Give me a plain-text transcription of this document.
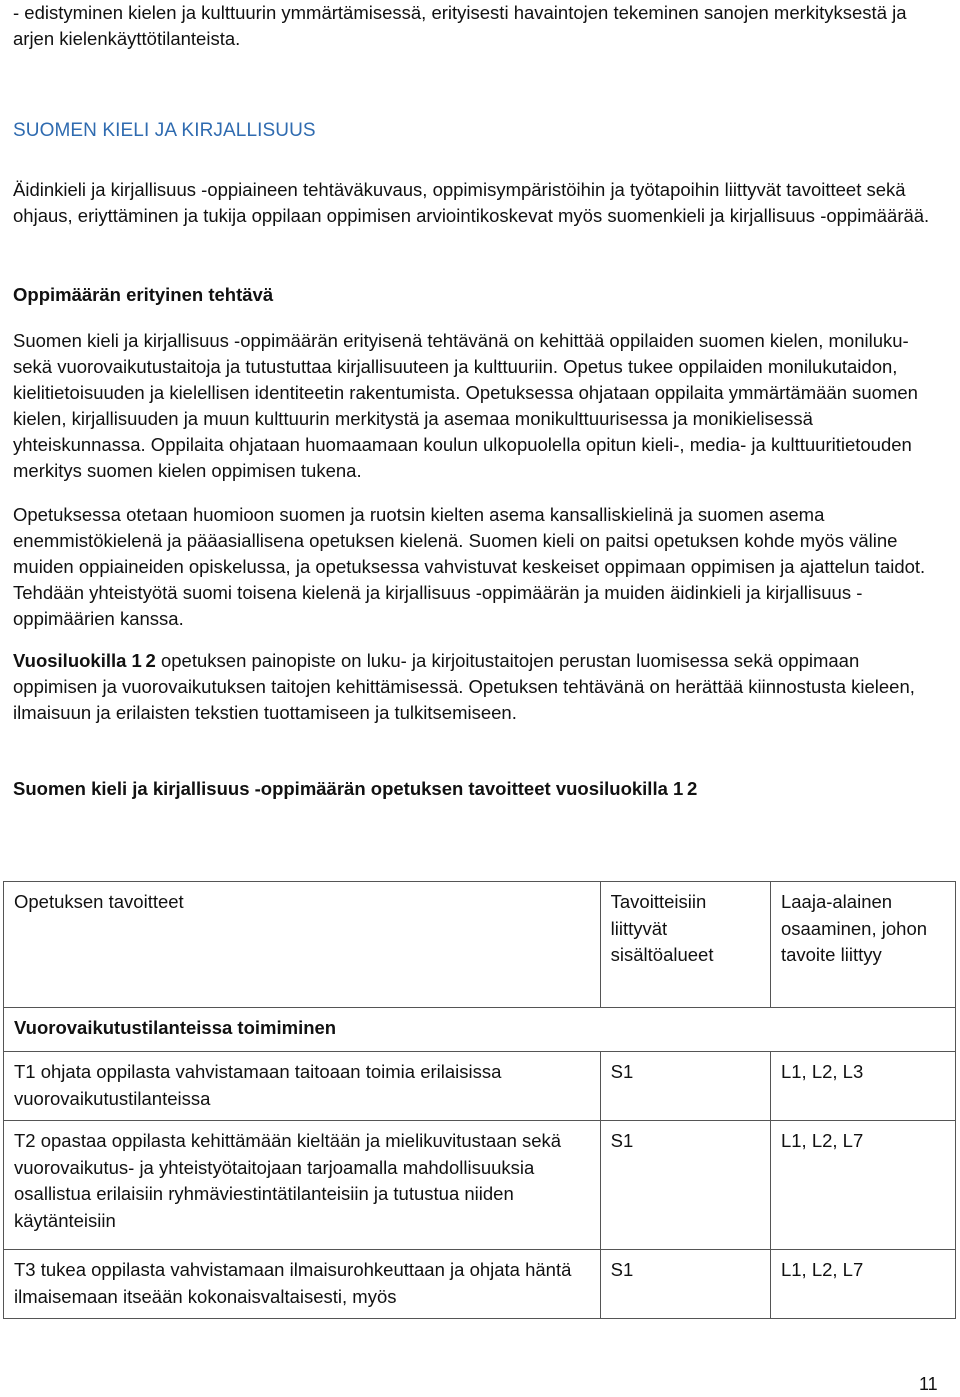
- edistyminen kielen ja kulttuurin ymmärtämisessä, erityisesti havaintojen tekeminen sanojen merkityksestä ja arjen kielenkäyttötilanteista.

SUOMEN KIELI JA KIRJALLISUUS

Äidinkieli ja kirjallisuus -oppiaineen tehtäväkuvaus, oppimisympäristöihin ja työtapoihin liittyvät tavoitteet sekä ohjaus, eriyttäminen ja tukija oppilaan oppimisen arviointikoskevat myös suomenkieli ja kirjallisuus -oppimäärää.

Oppimäärän erityinen tehtävä

Suomen kieli ja kirjallisuus -oppimäärän erityisenä tehtävänä on kehittää oppilaiden suomen kielen, moniluku- sekä vuorovaikutustaitoja ja tutustuttaa kirjallisuuteen ja kulttuuriin. Opetus tukee oppilaiden monilukutaidon, kielitietoisuuden ja kielellisen identiteetin rakentumista. Opetuksessa ohjataan oppilaita ymmärtämään suomen kielen, kirjallisuuden ja muun kulttuurin merkitystä ja asemaa monikulttuurisessa ja monikielisessä yhteiskunnassa. Oppilaita ohjataan huomaamaan koulun ulkopuolella opitun kieli-, media- ja kulttuuritietouden merkitys suomen kielen oppimisen tukena.

Opetuksessa otetaan huomioon suomen ja ruotsin kielten asema kansalliskielinä ja suomen asema enemmistökielenä ja pääasiallisena opetuksen kielenä. Suomen kieli on paitsi opetuksen kohde myös väline muiden oppiaineiden opiskelussa, ja opetuksessa vahvistuvat keskeiset oppimaan oppimisen ja ajattelun taidot. Tehdään yhteistyötä suomi toisena kielenä ja kirjallisuus -oppimäärän ja muiden äidinkieli ja kirjallisuus -oppimäärien kanssa.

Vuosiluokilla 1 2 opetuksen painopiste on luku- ja kirjoitustaitojen perustan luomisessa sekä oppimaan oppimisen ja vuorovaikutuksen taitojen kehittämisessä. Opetuksen tehtävänä on herättää kiinnostusta kieleen, ilmaisuun ja erilaisten tekstien tuottamiseen ja tulkitsemiseen.

Suomen kieli ja kirjallisuus -oppimäärän opetuksen tavoitteet vuosiluokilla 1 2

Opetuksen tavoitteet	Tavoitteisiin liittyvät sisältöalueet	Laaja-alainen osaaminen, johon tavoite liittyy
Vuorovaikutustilanteissa toimiminen		
T1 ohjata oppilasta vahvistamaan taitoaan toimia erilaisissa vuorovaikutustilanteissa	S1	L1, L2, L3
T2 opastaa oppilasta kehittämään kieltään ja mielikuvitustaan sekä vuorovaikutus- ja yhteistyötaitojaan tarjoamalla mahdollisuuksia osallistua erilaisiin ryhmäviestintätilanteisiin ja tutustua niiden käytänteisiin	S1	L1, L2, L7
T3 tukea oppilasta vahvistamaan ilmaisurohkeuttaan ja ohjata häntä ilmaisemaan itseään kokonaisvaltaisesti, myös	S1	L1, L2, L7
11
